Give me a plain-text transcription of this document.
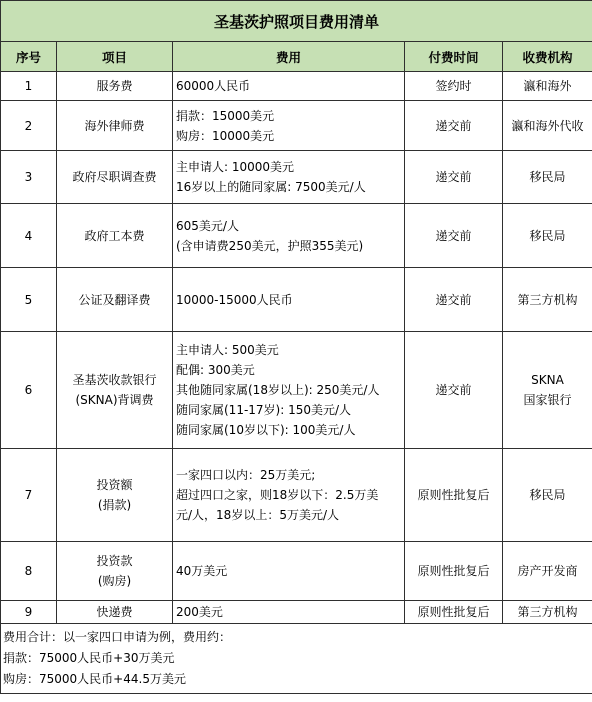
圣基茨护照项目费用清单				
序号	项目	费用	付费时间	收费机构
1	服务费	60000人民币	签约时	瀛和海外

2	海外律师费	捐款：15000美元
购房：10000美元	递交前	瀛和海外代收

3	政府尽职调查费	主申请人: 10000美元
16岁以上的随同家属: 7500美元/人	递交前	移民局

4	政府工本费	605美元/人
(含申请费250美元，护照355美元)	递交前	移民局

5	公证及翻译费	10000-15000人民币	递交前	第三方机构

6	圣基茨收款银行
(SKNA)背调费	主申请人: 500美元
配偶: 300美元
其他随同家属(18岁以上): 250美元/人
随同家属(11-17岁): 150美元/人
随同家属(10岁以下): 100美元/人	递交前	SKNA
国家银行

7	投资额
(捐款)	一家四口以内：25万美元;
超过四口之家，则18岁以下：2.5万美
元/人，18岁以上：5万美元/人	原则性批复后	移民局

8	投资款
(购房)	40万美元	原则性批复后	房产开发商

9	快递费	200美元	原则性批复后	第三方机构

费用合计：以一家四口申请为例，费用约：
捐款：75000人民币+30万美元
购房：75000人民币+44.5万美元				
